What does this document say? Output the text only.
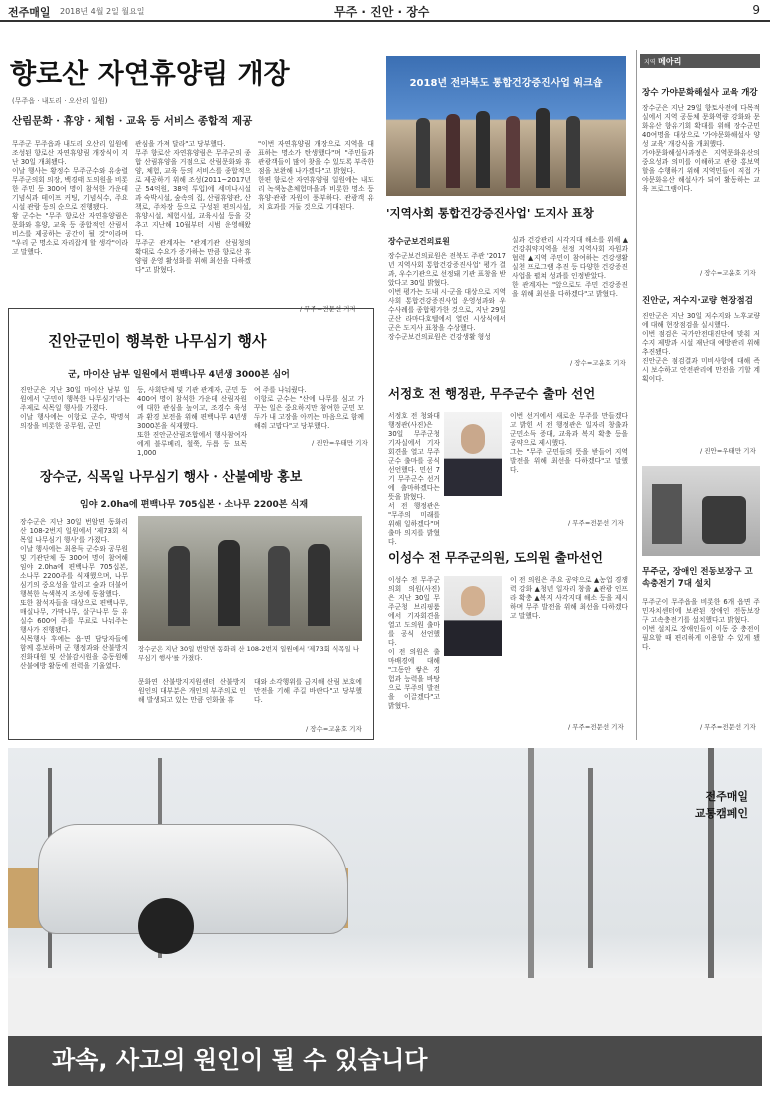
전주매일 2018년 4월 2일 월요일	무주 · 진안 · 장수	9
향로산 자연휴양림 개장
(무주읍 · 내도리 · 오산리 일원)
산림문화 · 휴양 · 체험 · 교육 등 서비스 종합적 제공
무주군 무주읍과 내도리 오산리 일원에 조성된 향로산 자연휴양림 개장식이 지난 30일 개최됐다.
이날 행사는 황정수 무주군수와 유송렬 무주군의회 의장, 백경태 도의원을 비롯한 주민 등 300여 명이 참석한 가운데 기념식과 테이프 커팅, 기념식수, 주요시설 관람 등의 순으로 진행됐다.
황 군수는 "무주 향로산 자연휴양림은 문화와 휴양, 교육 등 종합적인 산림서비스를 제공하는 공간이 될 것"이라며 "우리 군 명소로 자리잡게 할 생각"이라고 말했다.
관심을 가져 달라"고 당부했다.
무주 향로산 자연휴양림은 무주군의 종합 산림휴양을 거점으로 산림문화와 휴양, 체험, 교육 등의 서비스를 종합적으로 제공하기 위해 조성(2011~2017년 군 54억원, 38억 투입)에 세미나시설과 숙박시설, 숲속의 집, 산림휴양관, 산책로, 주차장 등으로 구성된 편의시설, 휴양시설, 체험시설, 교육시설 등을 갖추고 지난해 10월부터 시범 운영해왔다.
무주군 관계자는 "관계기관 산림청의 확대로 수요가 증가하는 만큼 향로산 휴양림 운영 활성화를 위해 최선을 다하겠다"고 밝혔다.
"이번 자연휴양림 개장으로 지역을 대표하는 명소가 탄생했다"며 "주민들과 관광객들이 많이 찾을 수 있도록 부족한 점을 보완해 나가겠다"고 밝혔다.
한편 향로산 자연휴양림 일원에는 내도리 녹색농촌체험마을과 비롯한 명소 등 휴양·관광 자원이 풍부하다. 관광객 유치 효과를 거둘 것으로 기대된다.
/ 무주=전문선 기자
2018년 전라북도 통합건강증진사업 워크숍
'지역사회 통합건강증진사업' 도지사 표창
장수군보건의료원
장수군보건의료원은 전북도 주관 '2017년 지역사회 통합건강증진사업' 평가 결과, 우수기관으로 선정돼 기관 표창을 받았다고 30일 밝혔다.
이번 평가는 도내 시·군을 대상으로 지역사회 통합건강증진사업 운영성과와 우수사례를 종합평가한 것으로, 지난 29일 군산 라마다호텔에서 열린 시상식에서 군은 도지사 표창을 수상했다.
장수군보건의료원은 건강생활 형성
실과 건강관리 시각지대 해소를 위해 ▲건강취약지역을 선정 지역사회 자원과 협력 ▲지역 주민이 참여하는 건강생활 실천 프로그램 추진 등 다양한 건강증진사업을 펼쳐 성과를 인정받았다.
한 관계자는 "앞으로도 주민 건강증진을 위해 최선을 다하겠다"고 밝혔다.
/ 장수=고윤호 기자
진안군민이 행복한 나무심기 행사
군, 마이산 남부 일원에서 편백나무 4년생 3000본 심어
진안군은 지난 30일 마이산 남부 일원에서 '군민이 행복한 나무심기'라는 주제로 식목일 행사를 가졌다.
이날 행사에는 이항로 군수, 박명석 의장을 비롯한 공무원, 군민
등, 사회단체 및 기관 관계자, 군민 등 400여 명이 참석한 가운데 산림자원에 대한 관심을 높이고, 조경수 육성과 환경 보전을 위해 편백나무 4년생 3000본을 식재했다.
또한 진안군산림조합에서 행사참여자에게 블루베리, 철쭉, 두릅 등 묘목 1,000
여 주를 나눠줬다.
이항로 군수는 "산에 나무를 심고 가꾸는 일은 중요하지만 참여한 군민 모두가 내 고장을 아끼는 마음으로 함께해줘 고맙다"고 당부했다.
/ 진안=우태만 기자
장수군, 식목일 나무심기 행사 · 산불예방 홍보
임야 2.0ha에 편백나무 705십본 · 소나무 2200본 식재
장수군은 지난 30일 번암면 동화리 산 108-2번지 일원에서 '제73회 식목일 나무심기 행사'를 가졌다.
이날 행사에는 최용득 군수와 공무원 및 기관단체 등 300여 명이 참여해 임야 2.0ha에 편백나무 705십본, 소나무 2200주를 식재했으며, 나무심기의 중요성을 알리고 숲과 더불어 행복한 녹색복지 조성에 동참했다.
또한 참석자들을 대상으로 편백나무, 매실나무, 가막나무, 살구나무 등 유실수 600여 주를 무료로 나눠주는 행사가 진행됐다.
식목행사 후에는 읍·면 담당자들에 함께 홍보하며 군 행정과와 산불방지 진화대원 및 산불감시원을 총동원해 산불예방 활동에 전력을 기울였다.
장수군은 지난 30일 번암면 동화리 산 108-2번지 일원에서 '제73회 식목일 나무심기 행사'를 가졌다.
문화연 산불방지지원센터 산불방지원인의 대부분은 개인의 부주의로 인해 발생되고 있는 만큼 인화물 휴
대와 소각행위를 금지해 산림 보호에 만전을 기해 주길 바란다"고 당부했다.
/ 장수=고윤호 기자
서정호 전 행정관, 무주군수 출마 선언
서정호 전 청와대 행정관(사진)은 30일 무주군청 기자실에서 기자회견을 열고 무주군수 출마를 공식 선언했다. 민선 7기 무주군수 선거에 출마하겠다는 뜻을 밝혔다.
서 전 행정관은 "무주의 미래를 위해 일하겠다"며 출마 의지를 밝혔다.
이번 선거에서 새로운 무주를 만들겠다고 밝힌 서 전 행정관은 일자리 창출과 군민소득 증대, 교육과 복지 확충 등을 공약으로 제시했다.
그는 "무주 군민들의 뜻을 받들어 지역발전을 위해 최선을 다하겠다"고 말했다.
/ 무주=전문선 기자
이성수 전 무주군의원, 도의원 출마선언
이성수 전 무주군의회 의원(사진)은 지난 30일 무주군청 브리핑룸에서 기자회견을 열고 도의원 출마를 공식 선언했다.
이 전 의원은 출마배경에 대해 "그동안 쌓은 경험과 능력을 바탕으로 무주의 발전을 이끌겠다"고 밝혔다.
이 전 의원은 주요 공약으로 ▲농업 경쟁력 강화 ▲청년 일자리 창출 ▲관광 인프라 확충 ▲복지 사각지대 해소 등을 제시하며 무주 발전을 위해 최선을 다하겠다고 말했다.
/ 무주=전문선 기자
지역 메아리
장수 가야문화해설사 교육 개강
장수군은 지난 29일 향토사전에 다목적실에서 지역 공동체 문화역량 강화와 문화유산 향유기회 확대를 위해 장수군민 40여명을 대상으로 '가야문화해설사 양성 교육' 개강식을 개최했다.
가야문화해설사과정은 지역문화유산의 중요성과 의미를 이해하고 관광 홍보역할을 수행하기 위해 지역민들이 직접 가야문화유산 해설사가 되어 활동하는 교육 프로그램이다.
/ 장수=고윤호 기자
진안군, 저수지·교량 현장점검
진안군은 지난 30일 저수지와 노후교량에 대해 현장점검을 실시했다.
이번 점검은 국가안전대진단에 맞춰 저수지 제방과 시설 재난대 예방관리 위해 추진됐다.
진안군은 점검결과 미비사항에 대해 즉시 보수하고 안전관리에 만전을 기할 계획이다.
/ 진안=우태만 기자
무주군, 장애인 전동보장구 고속충전기 7대 설치
무주군이 무주읍을 비롯한 6개 읍면 주민자치센터에 보관된 장애인 전동보장구 고속충전기를 설치했다고 밝혔다.
이번 설치로 장애인들이 이동 중 충전이 필요할 때 편리하게 이용할 수 있게 됐다.
/ 무주=전문선 기자
전주매일
교통캠페인
과속, 사고의 원인이 될 수 있습니다
